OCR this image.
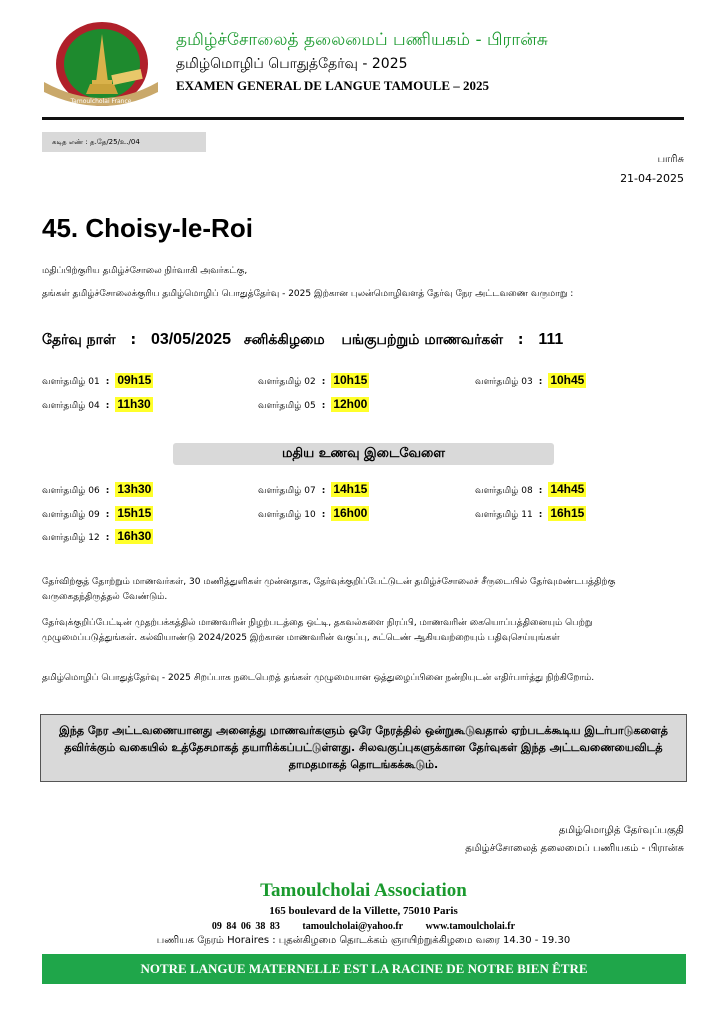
Tamoulcholai France
தமிழ்ச்சோலைத் தலைமைப் பணியகம் - பிரான்சு
தமிழ்மொழிப் பொதுத்தேர்வு - 2025
EXAMEN GENERAL DE LANGUE TAMOULE – 2025
கடித எண் : த.தே/25/உ./04
பாரிசு
21-04-2025
45. Choisy-le-Roi
மதிப்பிற்குரிய தமிழ்ச்சோலை நிர்வாகி அவர்கட்கு,
தங்கள் தமிழ்ச்சோலைக்குரிய தமிழ்மொழிப் பொதுத்தேர்வு - 2025 இற்கான புலன்மொழிவளத் தேர்வு நேர அட்டவணை வருமாறு :
தேர்வு நாள் : 03/05/2025 சனிக்கிழமை பங்குபற்றும் மாணவர்கள் : 111
வளர்தமிழ் 01 : 09h15	வளர்தமிழ் 02 : 10h15	வளர்தமிழ் 03 : 10h45
வளர்தமிழ் 04 : 11h30	வளர்தமிழ் 05 : 12h00
மதிய உணவு இடைவேளை
வளர்தமிழ் 06 : 13h30	வளர்தமிழ் 07 : 14h15	வளர்தமிழ் 08 : 14h45
வளர்தமிழ் 09 : 15h15	வளர்தமிழ் 10 : 16h00	வளர்தமிழ் 11 : 16h15
வளர்தமிழ் 12 : 16h30
தேர்விற்குத் தோற்றும் மாணவர்கள், 30 மணித்துளிகள் முன்னதாக, தேர்வுக்குறிப்பேட்டுடன் தமிழ்ச்சோலைச் சீருடையில் தேர்வுமண்டபத்திற்கு வருகைதந்திருத்தல் வேண்டும்.
தேர்வுக்குறிப்பேட்டின் முதற்பக்கத்தில் மாணவரின் நிழற்படத்தை ஒட்டி, தகவல்களை நிரப்பி, மாணவரின் கையொப்பத்தினையும் பெற்று முழுமைப்படுத்துங்கள். கல்வியாண்டு 2024/2025 இற்கான மாணவரின் வகுப்பு, சுட்டெண் ஆகியவற்றையும் பதிவுசெய்யுங்கள்
தமிழ்மொழிப் பொதுத்தேர்வு - 2025 சிறப்பாக நடைபெறத் தங்கள் முழுமையான ஒத்துழைப்பினை நன்றியுடன் எதிர்பார்த்து நிற்கிறோம்.
இந்த நேர அட்டவணையானது அனைத்து மாணவர்களும் ஒரே நேரத்தில் ஒன்றுகூடுவதால் ஏற்படக்கூடிய இடர்பாடுகளைத் தவிர்க்கும் வகையில் உத்தேசமாகத் தயாரிக்கப்பட்டுள்ளது. சிலவகுப்புகளுக்கான தேர்வுகள் இந்த அட்டவணையைவிடத் தாமதமாகத் தொடங்கக்கூடும்.
தமிழ்மொழித் தேர்வுப்பகுதி
தமிழ்ச்சோலைத் தலைமைப் பணியகம் - பிரான்சு
Tamoulcholai Association
165 boulevard de la Villette, 75010 Paris
09 84 06 38 83 tamoulcholai@yahoo.fr www.tamoulcholai.fr
பணியக நேரம் Horaires : புதன்கிழமை தொடக்கம் ஞாயிற்றுக்கிழமை வரை 14.30 - 19.30
NOTRE LANGUE MATERNELLE EST LA RACINE DE NOTRE BIEN ÊTRE
